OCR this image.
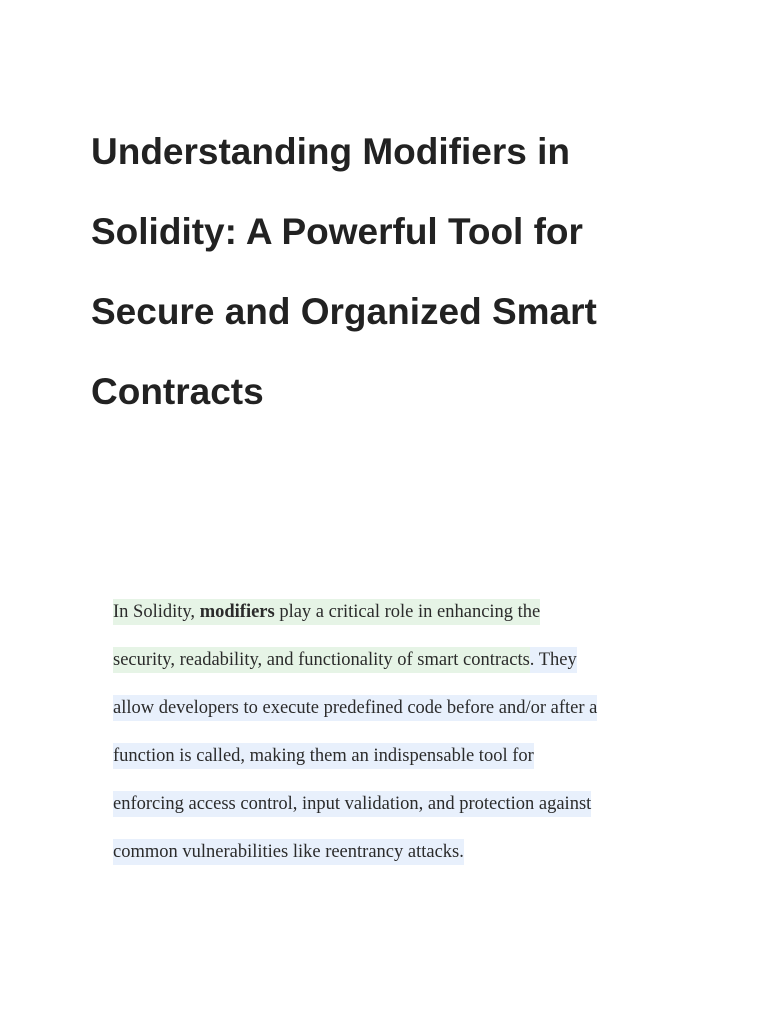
Understanding Modifiers in
Solidity: A Powerful Tool for
Secure and Organized Smart
Contracts

In Solidity, modifiers play a critical role in enhancing the
security, readability, and functionality of smart contracts. They
allow developers to execute predefined code before and/or after a
function is called, making them an indispensable tool for
enforcing access control, input validation, and protection against
common vulnerabilities like reentrancy attacks.
